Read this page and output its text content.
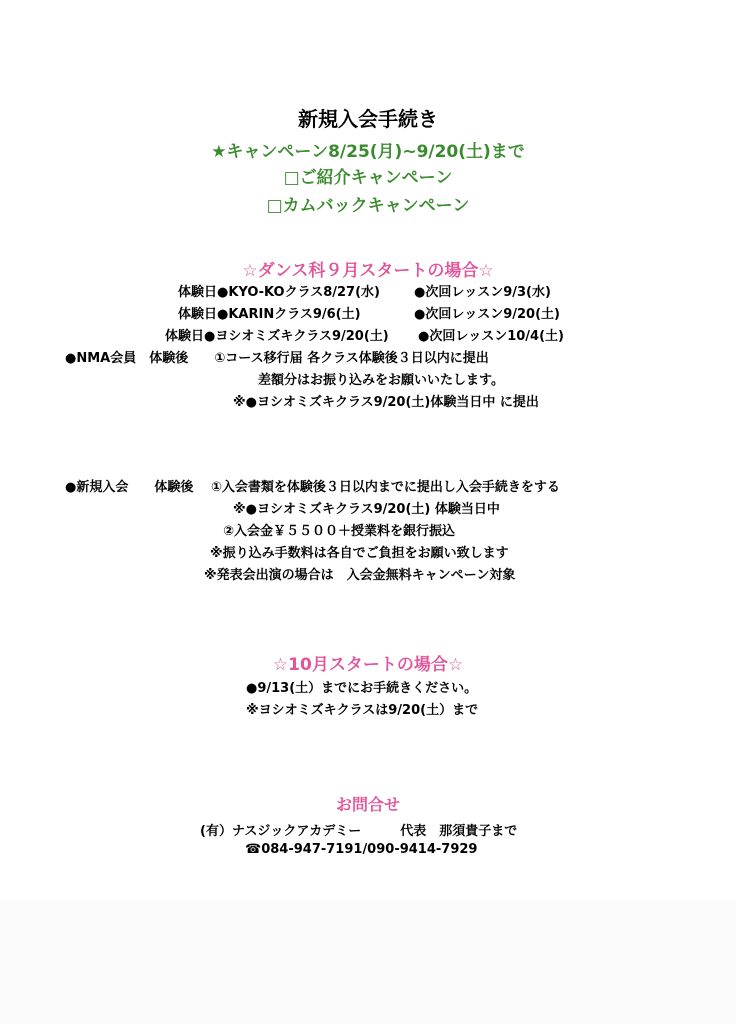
新規入会手続き
★キャンペーン8/25(月)~9/20(土)まで
□ご紹介キャンペーン
□カムバックキャンペーン
☆ダンス科９月スタートの場合☆
体験日●KYO-KOクラス8/27(水)	●次回レッスン9/3(水)
体験日●KARINクラス9/6(土)	●次回レッスン9/20(土)
体験日●ヨシオミズキクラス9/20(土) ●次回レッスン10/4(土)
●NMA会員　体験後　　①コース移行届 各クラス体験後３日以内に提出
差額分はお振り込みをお願いいたします。
※●ヨシオミズキクラス9/20(土)体験当日中 に提出
●新規入会　　体験後　 ①入会書類を体験後３日以内までに提出し入会手続きをする
※●ヨシオミズキクラス9/20(土) 体験当日中
②入会金￥５５００＋授業料を銀行振込
※振り込み手数料は各自でご負担をお願い致します
※発表会出演の場合は　入会金無料キャンペーン対象
☆10月スタートの場合☆
●9/13(土）までにお手続きください。
※ヨシオミズキクラスは9/20(土）まで
お問合せ
(有）ナスジックアカデミー　　　代表　那須貴子まで
☎084-947-7191/090-9414-7929
